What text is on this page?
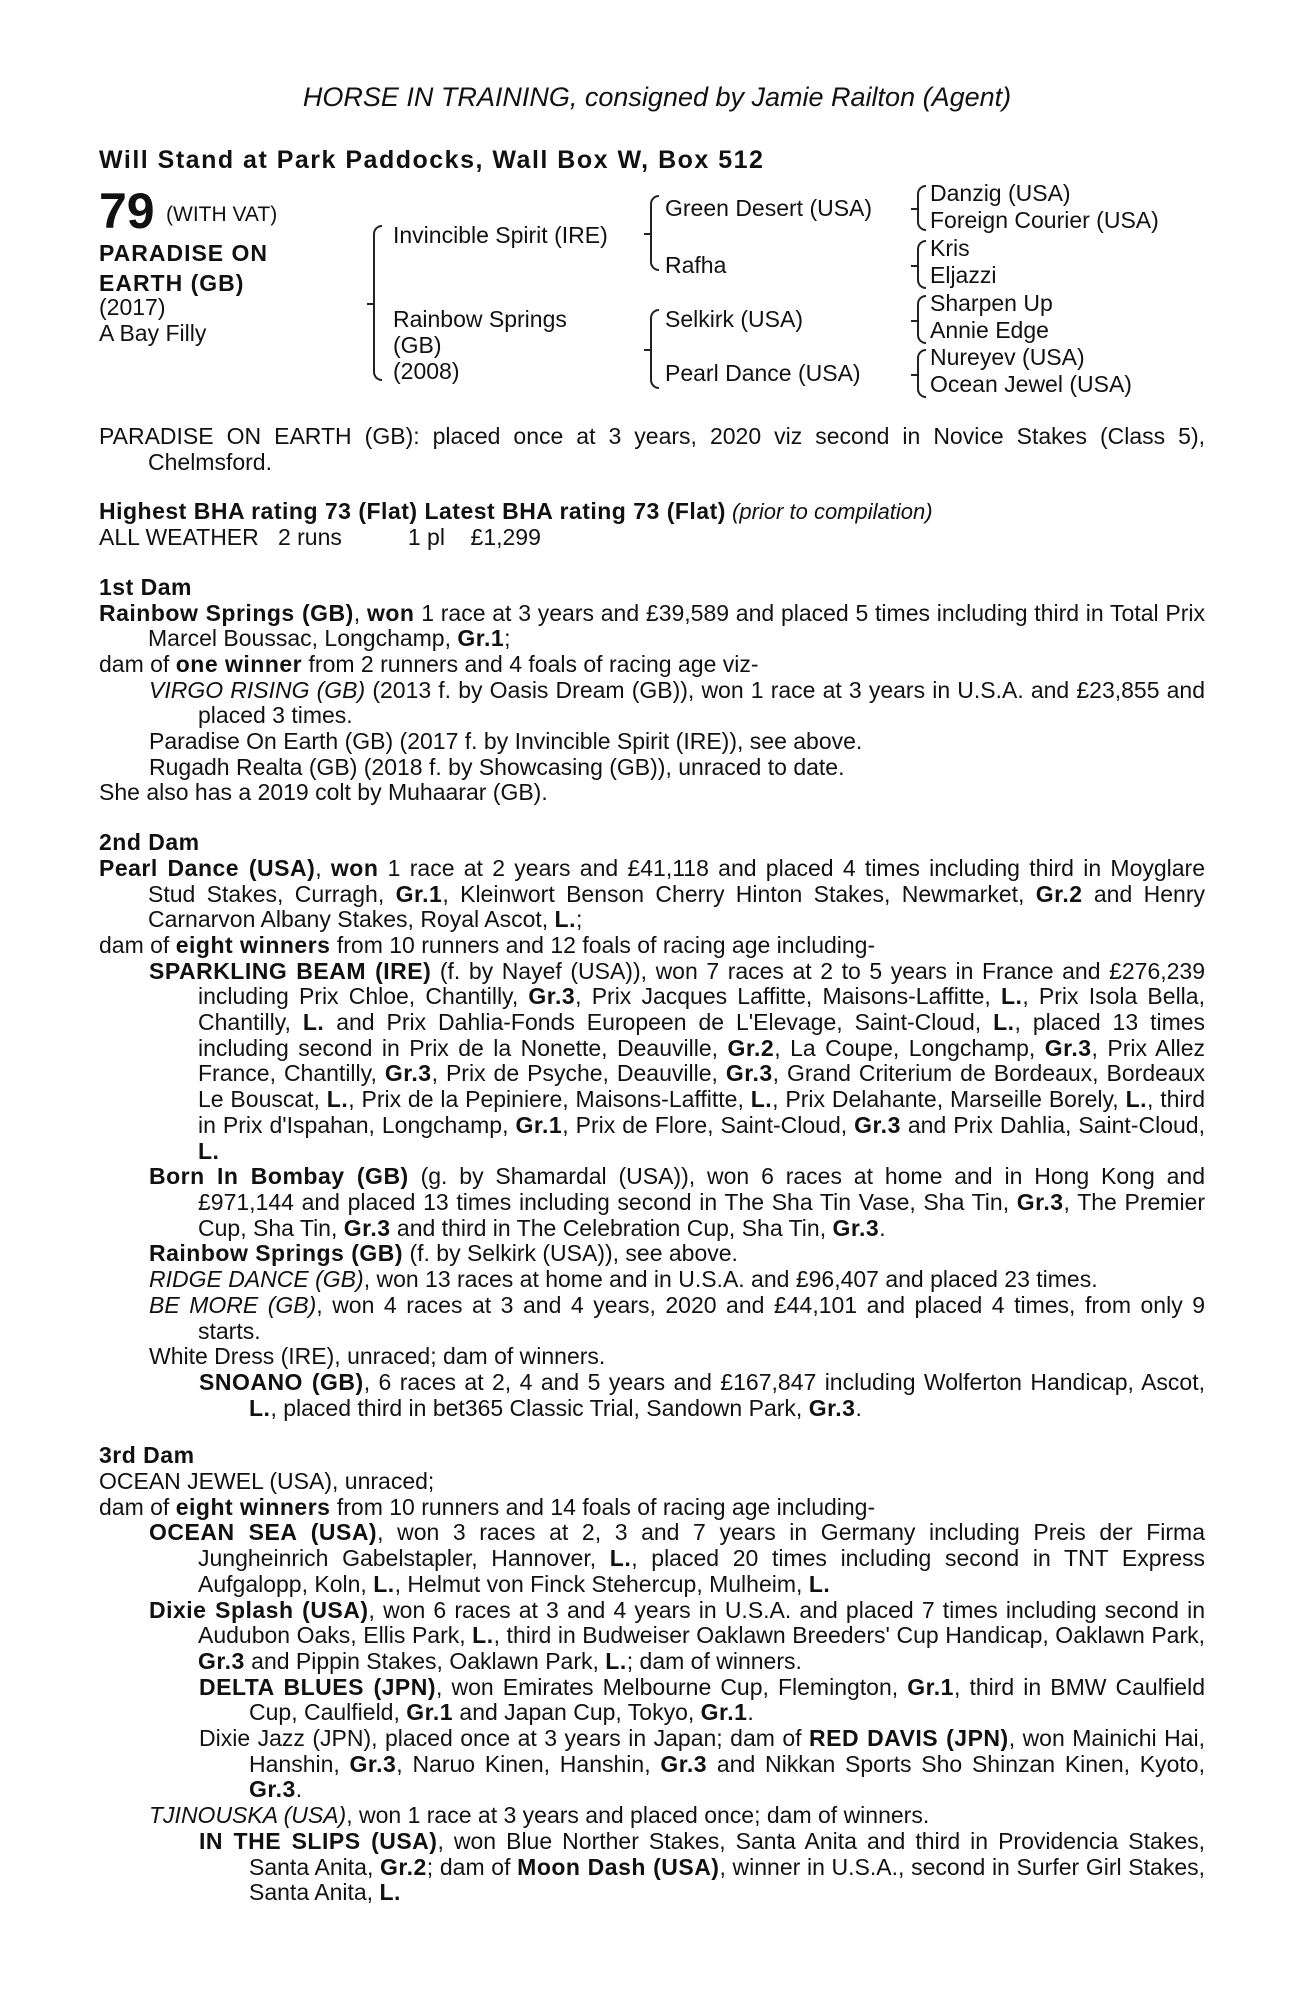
HORSE IN TRAINING, consigned by Jamie Railton (Agent)
Will Stand at Park Paddocks, Wall Box W, Box 512
79 (WITH VAT)
PARADISE ON
EARTH (GB)
(2017)
A Bay Filly
Invincible Spirit (IRE)
Rainbow Springs
(GB)
(2008)
Green Desert (USA)
Rafha
Selkirk (USA)
Pearl Dance (USA)
Danzig (USA)
Foreign Courier (USA)
Kris
Eljazzi
Sharpen Up
Annie Edge
Nureyev (USA)
Ocean Jewel (USA)

PARADISE ON EARTH (GB): placed once at 3 years, 2020 viz second in Novice Stakes (Class 5), Chelmsford.

Highest BHA rating 73 (Flat) Latest BHA rating 73 (Flat) (prior to compilation)

ALL WEATHER 2 runs	1 pl £1,299

1st Dam

Rainbow Springs (GB), won 1 race at 3 years and £39,589 and placed 5 times including third in Total Prix Marcel Boussac, Longchamp, Gr.1;

dam of one winner from 2 runners and 4 foals of racing age viz-

VIRGO RISING (GB) (2013 f. by Oasis Dream (GB)), won 1 race at 3 years in U.S.A. and £23,855 and placed 3 times.

Paradise On Earth (GB) (2017 f. by Invincible Spirit (IRE)), see above.

Rugadh Realta (GB) (2018 f. by Showcasing (GB)), unraced to date.

She also has a 2019 colt by Muhaarar (GB).

2nd Dam

Pearl Dance (USA), won 1 race at 2 years and £41,118 and placed 4 times including third in Moyglare Stud Stakes, Curragh, Gr.1, Kleinwort Benson Cherry Hinton Stakes, Newmarket, Gr.2 and Henry Carnarvon Albany Stakes, Royal Ascot, L.;

dam of eight winners from 10 runners and 12 foals of racing age including-

SPARKLING BEAM (IRE) (f. by Nayef (USA)), won 7 races at 2 to 5 years in France and £276,239 including Prix Chloe, Chantilly, Gr.3, Prix Jacques Laffitte, Maisons-Laffitte, L., Prix Isola Bella, Chantilly, L. and Prix Dahlia-Fonds Europeen de L'Elevage, Saint-Cloud, L., placed 13 times including second in Prix de la Nonette, Deauville, Gr.2, La Coupe, Longchamp, Gr.3, Prix Allez France, Chantilly, Gr.3, Prix de Psyche, Deauville, Gr.3, Grand Criterium de Bordeaux, Bordeaux Le Bouscat, L., Prix de la Pepiniere, Maisons-Laffitte, L., Prix Delahante, Marseille Borely, L., third in Prix d'Ispahan, Longchamp, Gr.1, Prix de Flore, Saint-Cloud, Gr.3 and Prix Dahlia, Saint-Cloud, L.

Born In Bombay (GB) (g. by Shamardal (USA)), won 6 races at home and in Hong Kong and £971,144 and placed 13 times including second in The Sha Tin Vase, Sha Tin, Gr.3, The Premier Cup, Sha Tin, Gr.3 and third in The Celebration Cup, Sha Tin, Gr.3.

Rainbow Springs (GB) (f. by Selkirk (USA)), see above.

RIDGE DANCE (GB), won 13 races at home and in U.S.A. and £96,407 and placed 23 times.

BE MORE (GB), won 4 races at 3 and 4 years, 2020 and £44,101 and placed 4 times, from only 9 starts.

White Dress (IRE), unraced; dam of winners.

SNOANO (GB), 6 races at 2, 4 and 5 years and £167,847 including Wolferton Handicap, Ascot, L., placed third in bet365 Classic Trial, Sandown Park, Gr.3.

3rd Dam

OCEAN JEWEL (USA), unraced;

dam of eight winners from 10 runners and 14 foals of racing age including-

OCEAN SEA (USA), won 3 races at 2, 3 and 7 years in Germany including Preis der Firma Jungheinrich Gabelstapler, Hannover, L., placed 20 times including second in TNT Express Aufgalopp, Koln, L., Helmut von Finck Stehercup, Mulheim, L.

Dixie Splash (USA), won 6 races at 3 and 4 years in U.S.A. and placed 7 times including second in Audubon Oaks, Ellis Park, L., third in Budweiser Oaklawn Breeders' Cup Handicap, Oaklawn Park, Gr.3 and Pippin Stakes, Oaklawn Park, L.; dam of winners.

DELTA BLUES (JPN), won Emirates Melbourne Cup, Flemington, Gr.1, third in BMW Caulfield Cup, Caulfield, Gr.1 and Japan Cup, Tokyo, Gr.1.

Dixie Jazz (JPN), placed once at 3 years in Japan; dam of RED DAVIS (JPN), won Mainichi Hai, Hanshin, Gr.3, Naruo Kinen, Hanshin, Gr.3 and Nikkan Sports Sho Shinzan Kinen, Kyoto, Gr.3.

TJINOUSKA (USA), won 1 race at 3 years and placed once; dam of winners.

IN THE SLIPS (USA), won Blue Norther Stakes, Santa Anita and third in Providencia Stakes, Santa Anita, Gr.2; dam of Moon Dash (USA), winner in U.S.A., second in Surfer Girl Stakes, Santa Anita, L.
